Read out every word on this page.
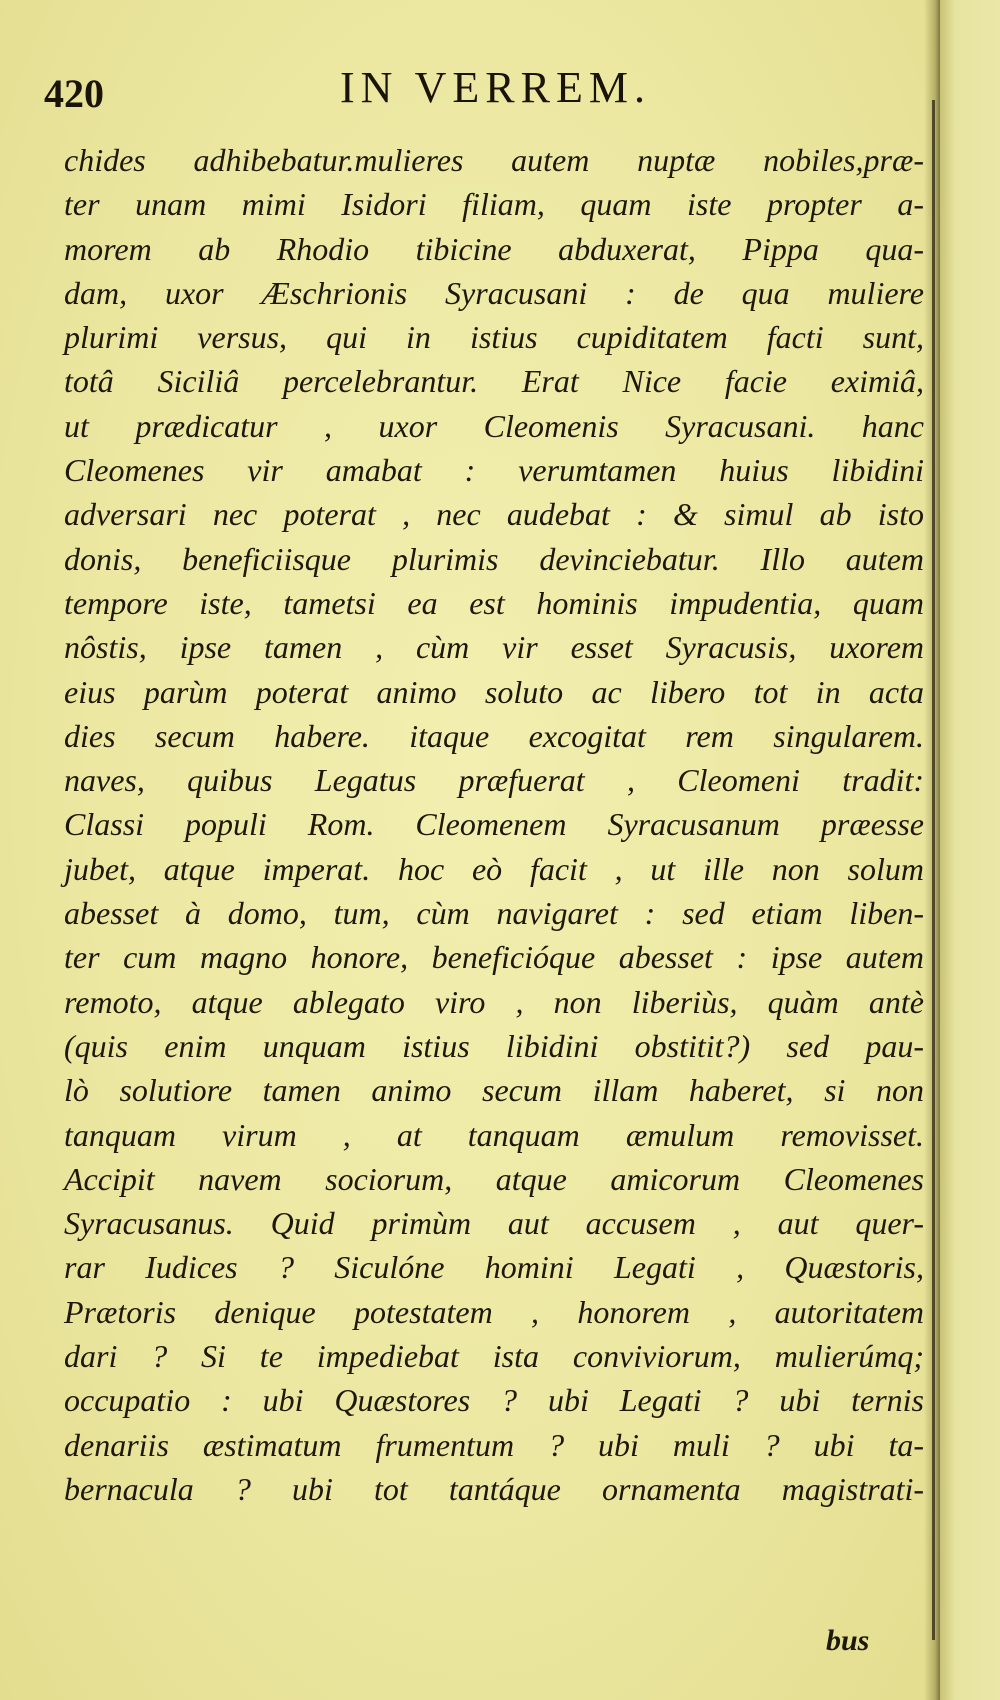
420	IN VERREM.
chides adhibebatur.mulieres autem nuptæ nobiles,præ-
ter unam mimi Isidori filiam, quam iste propter a-
morem ab Rhodio tibicine abduxerat, Pippa qua-
dam, uxor Æschrionis Syracusani : de qua muliere
plurimi versus, qui in istius cupiditatem facti sunt,
totâ Siciliâ percelebrantur. Erat Nice facie eximiâ,
ut prædicatur , uxor Cleomenis Syracusani. hanc
Cleomenes vir amabat : verumtamen huius libidini
adversari nec poterat , nec audebat : & simul ab isto
donis, beneficiisque plurimis devinciebatur. Illo autem
tempore iste, tametsi ea est hominis impudentia, quam
nôstis, ipse tamen , cùm vir esset Syracusis, uxorem
eius parùm poterat animo soluto ac libero tot in acta
dies secum habere. itaque excogitat rem singularem.
naves, quibus Legatus præfuerat , Cleomeni tradit:
Classi populi Rom. Cleomenem Syracusanum præesse
jubet, atque imperat. hoc eò facit , ut ille non solum
abesset à domo, tum, cùm navigaret : sed etiam liben-
ter cum magno honore, beneficióque abesset : ipse autem
remoto, atque ablegato viro , non liberiùs, quàm antè
(quis enim unquam istius libidini obstitit?) sed pau-
lò solutiore tamen animo secum illam haberet, si non
tanquam virum , at tanquam æmulum removisset.
Accipit navem sociorum, atque amicorum Cleomenes
Syracusanus. Quid primùm aut accusem , aut quer-
rar Iudices ? Siculóne homini Legati , Quæstoris,
Prætoris denique potestatem , honorem , autoritatem
dari ? Si te impediebat ista conviviorum, mulierúmq;
occupatio : ubi Quæstores ? ubi Legati ? ubi ternis
denariis æstimatum frumentum ? ubi muli ? ubi ta-
bernacula ? ubi tot tantáque ornamenta magistrati-
bus
